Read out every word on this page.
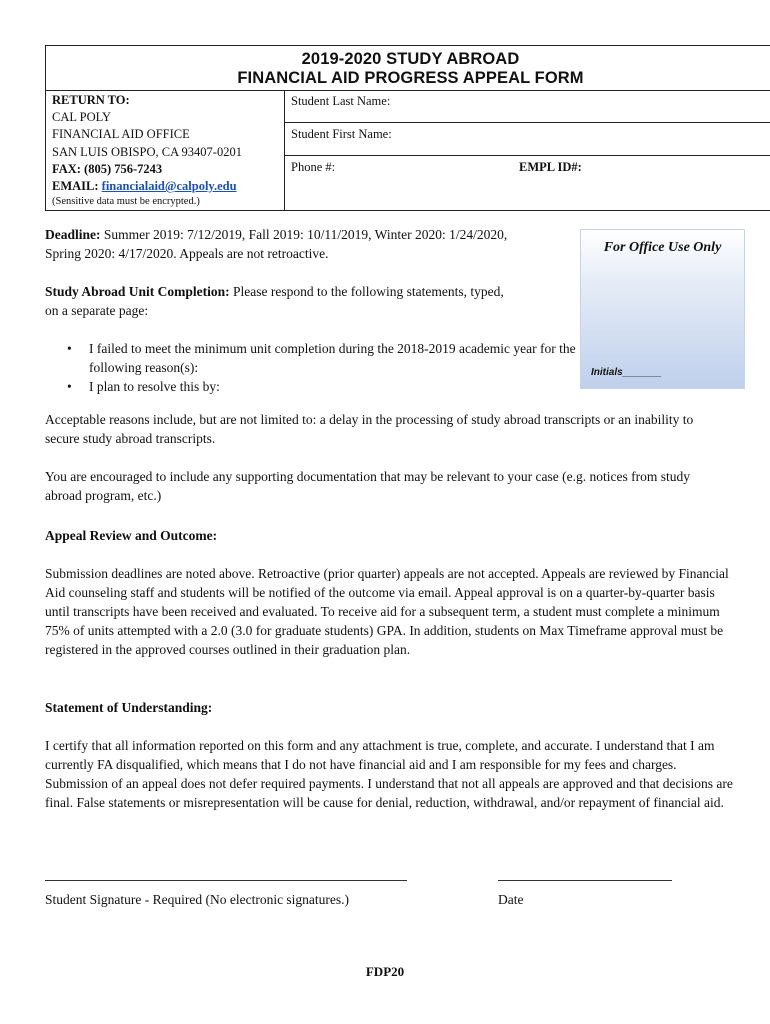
2019-2020 STUDY ABROAD
FINANCIAL AID PROGRESS APPEAL FORM
RETURN TO:
CAL POLY
FINANCIAL AID OFFICE
SAN LUIS OBISPO, CA 93407-0201
FAX: (805) 756-7243
EMAIL: financialaid@calpoly.edu
(Sensitive data must be encrypted.)
Student Last Name:
Student First Name:
Phone #:	EMPL ID#:
For Office Use Only
Initials_______
Deadline: Summer 2019: 7/12/2019, Fall 2019: 10/11/2019, Winter 2020: 1/24/2020,
Spring 2020: 4/17/2020. Appeals are not retroactive.
Study Abroad Unit Completion: Please respond to the following statements, typed,
on a separate page:
• I failed to meet the minimum unit completion during the 2018-2019 academic year for the following reason(s):
• I plan to resolve this by:
Acceptable reasons include, but are not limited to: a delay in the processing of study abroad transcripts or an inability to secure study abroad transcripts.
You are encouraged to include any supporting documentation that may be relevant to your case (e.g. notices from study abroad program, etc.)
Appeal Review and Outcome:
Submission deadlines are noted above. Retroactive (prior quarter) appeals are not accepted. Appeals are reviewed by Financial Aid counseling staff and students will be notified of the outcome via email. Appeal approval is on a quarter-by-quarter basis until transcripts have been received and evaluated. To receive aid for a subsequent term, a student must complete a minimum 75% of units attempted with a 2.0 (3.0 for graduate students) GPA. In addition, students on Max Timeframe approval must be registered in the approved courses outlined in their graduation plan.
Statement of Understanding:
I certify that all information reported on this form and any attachment is true, complete, and accurate. I understand that I am currently FA disqualified, which means that I do not have financial aid and I am responsible for my fees and charges. Submission of an appeal does not defer required payments. I understand that not all appeals are approved and that decisions are final. False statements or misrepresentation will be cause for denial, reduction, withdrawal, and/or repayment of financial aid.
Student Signature - Required (No electronic signatures.)	Date
FDP20
